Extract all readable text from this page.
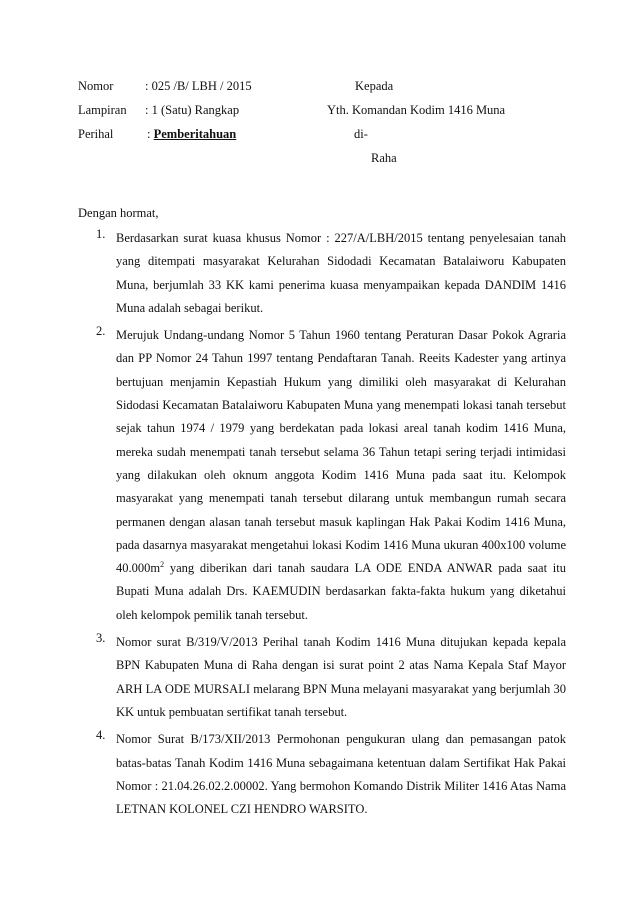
Nomor	: 025 /B/ LBH / 2015	Kepada
Lampiran : 1 (Satu) Rangkap	Yth. Komandan Kodim 1416 Muna
Perihal	: Pemberitahuan	di-
Raha
Dengan hormat,
1. Berdasarkan surat kuasa khusus Nomor : 227/A/LBH/2015 tentang penyelesaian tanah yang ditempati masyarakat Kelurahan Sidodadi Kecamatan Batalaiworu Kabupaten Muna, berjumlah 33 KK kami penerima kuasa menyampaikan kepada DANDIM 1416 Muna adalah sebagai berikut.
2. Merujuk Undang-undang Nomor 5 Tahun 1960 tentang Peraturan Dasar Pokok Agraria dan PP Nomor 24 Tahun 1997 tentang Pendaftaran Tanah. Reeits Kadester yang artinya bertujuan menjamin Kepastiah Hukum yang dimiliki oleh masyarakat di Kelurahan Sidodasi Kecamatan Batalaiworu Kabupaten Muna yang menempati lokasi tanah tersebut sejak tahun 1974 / 1979 yang berdekatan pada lokasi areal tanah kodim 1416 Muna, mereka sudah menempati tanah tersebut selama 36 Tahun tetapi sering terjadi intimidasi yang dilakukan oleh oknum anggota Kodim 1416 Muna pada saat itu. Kelompok masyarakat yang menempati tanah tersebut dilarang untuk membangun rumah secara permanen dengan alasan tanah tersebut masuk kaplingan Hak Pakai Kodim 1416 Muna, pada dasarnya masyarakat mengetahui lokasi Kodim 1416 Muna ukuran 400x100 volume $40.000m^2$ yang diberikan dari tanah saudara LA ODE ENDA ANWAR pada saat itu Bupati Muna adalah Drs. KAEMUDIN berdasarkan fakta-fakta hukum yang diketahui oleh kelompok pemilik tanah tersebut.
3. Nomor surat B/319/V/2013 Perihal tanah Kodim 1416 Muna ditujukan kepada kepala BPN Kabupaten Muna di Raha dengan isi surat point 2 atas Nama Kepala Staf Mayor ARH LA ODE MURSALI melarang BPN Muna melayani masyarakat yang berjumlah 30 KK untuk pembuatan sertifikat tanah tersebut.
4. Nomor Surat B/173/XII/2013 Permohonan pengukuran ulang dan pemasangan patok batas-batas Tanah Kodim 1416 Muna sebagaimana ketentuan dalam Sertifikat Hak Pakai Nomor : 21.04.26.02.2.00002. Yang bermohon Komando Distrik Militer 1416 Atas Nama LETNAN KOLONEL CZI HENDRO WARSITO.
